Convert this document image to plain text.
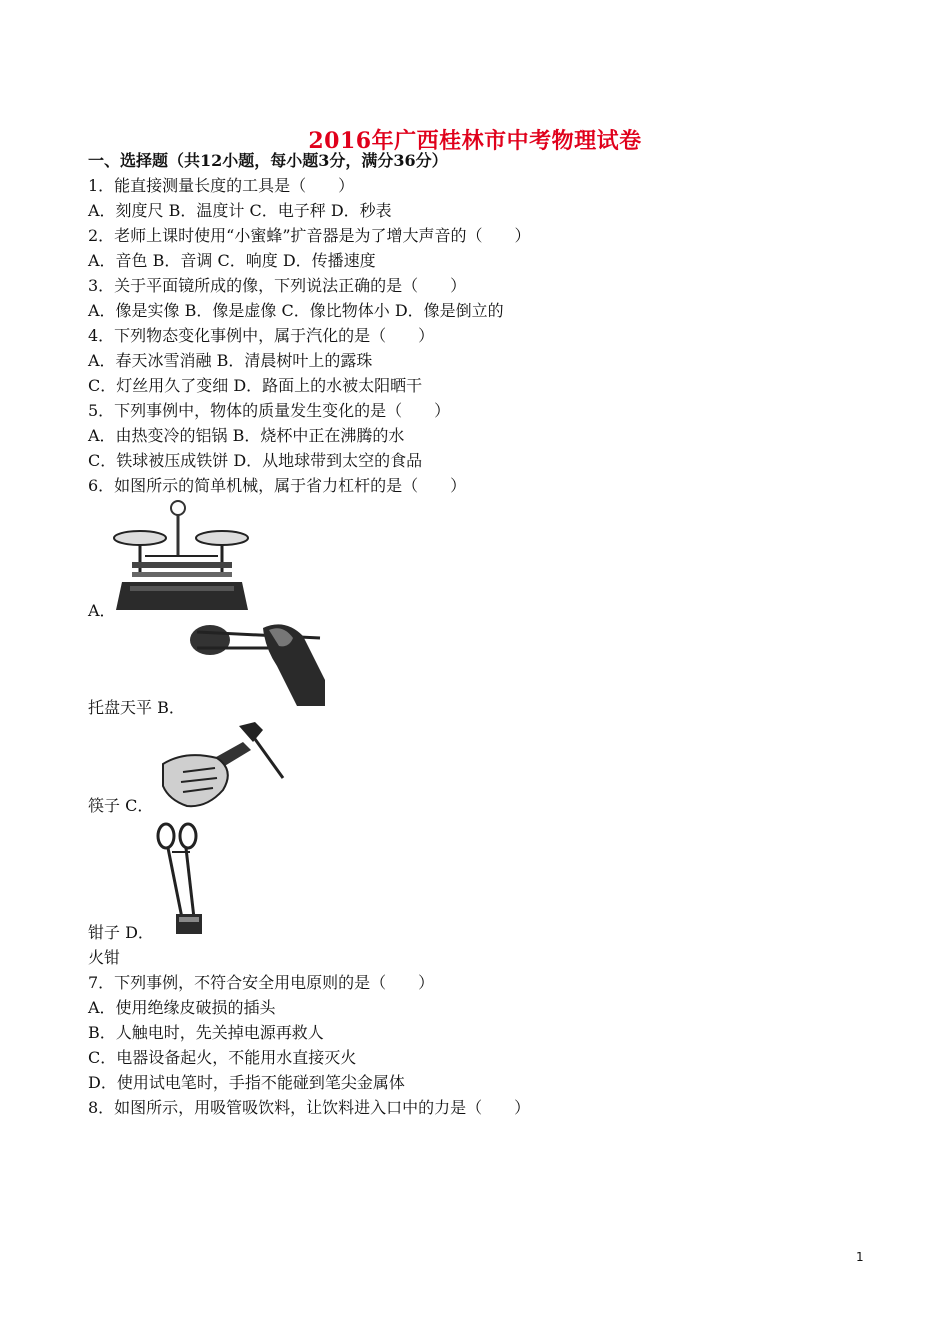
2016年广西桂林市中考物理试卷
一、选择题（共12小题，每小题3分，满分36分）
1．能直接测量长度的工具是（　　）
A．刻度尺 B．温度计 C．电子秤 D．秒表
2．老师上课时使用“小蜜蜂”扩音器是为了增大声音的（　　）
A．音色 B．音调 C．响度 D．传播速度
3．关于平面镜所成的像，下列说法正确的是（　　）
A．像是实像 B．像是虚像 C．像比物体小 D．像是倒立的
4．下列物态变化事例中，属于汽化的是（　　）
A．春天冰雪消融 B．清晨树叶上的露珠
C．灯丝用久了变细 D．路面上的水被太阳晒干
5．下列事例中，物体的质量发生变化的是（　　）
A．由热变冷的铝锅 B．烧杯中正在沸腾的水
C．铁球被压成铁饼 D．从地球带到太空的食品
6．如图所示的简单机械，属于省力杠杆的是（　　）
A．
托盘天平 B．
筷子 C．
钳子 D．
火钳
7．下列事例，不符合安全用电原则的是（　　）
A．使用绝缘皮破损的插头
B．人触电时，先关掉电源再救人
C．电器设备起火，不能用水直接灭火
D．使用试电笔时，手指不能碰到笔尖金属体
8．如图所示，用吸管吸饮料，让饮料进入口中的力是（　　）
1
